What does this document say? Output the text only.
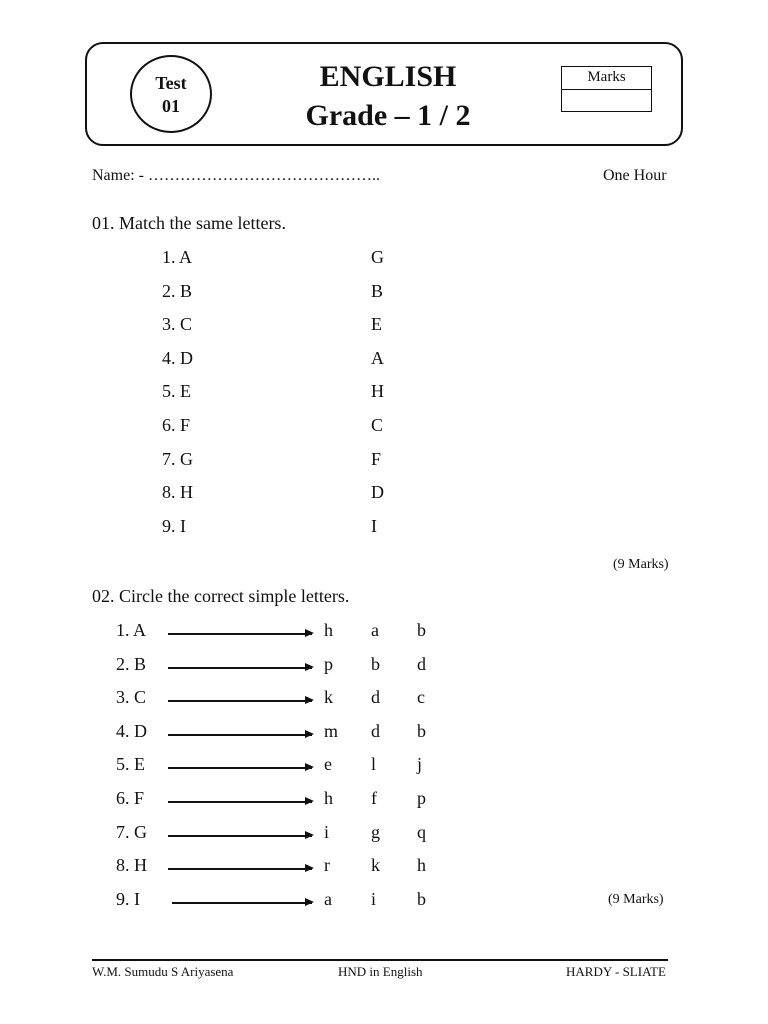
Test
01
ENGLISH
Grade – 1 / 2
Marks
Name: - ……………………………………..	One Hour
01. Match the same letters.
1. A	G
2. B	B
3. C	E
4. D	A
5. E	H
6. F	C
7. G	F
8. H	D
9. I	I
(9 Marks)
02. Circle the correct simple letters.
1. A	h a b
2. B	p b d
3. C	k d c
4. D	m d b
5. E	e l j
6. F	h f p
7. G	i g q
8. H	r k h
9. I	a i b	(9 Marks)
W.M. Sumudu S Ariyasena	HND in English	HARDY - SLIATE
